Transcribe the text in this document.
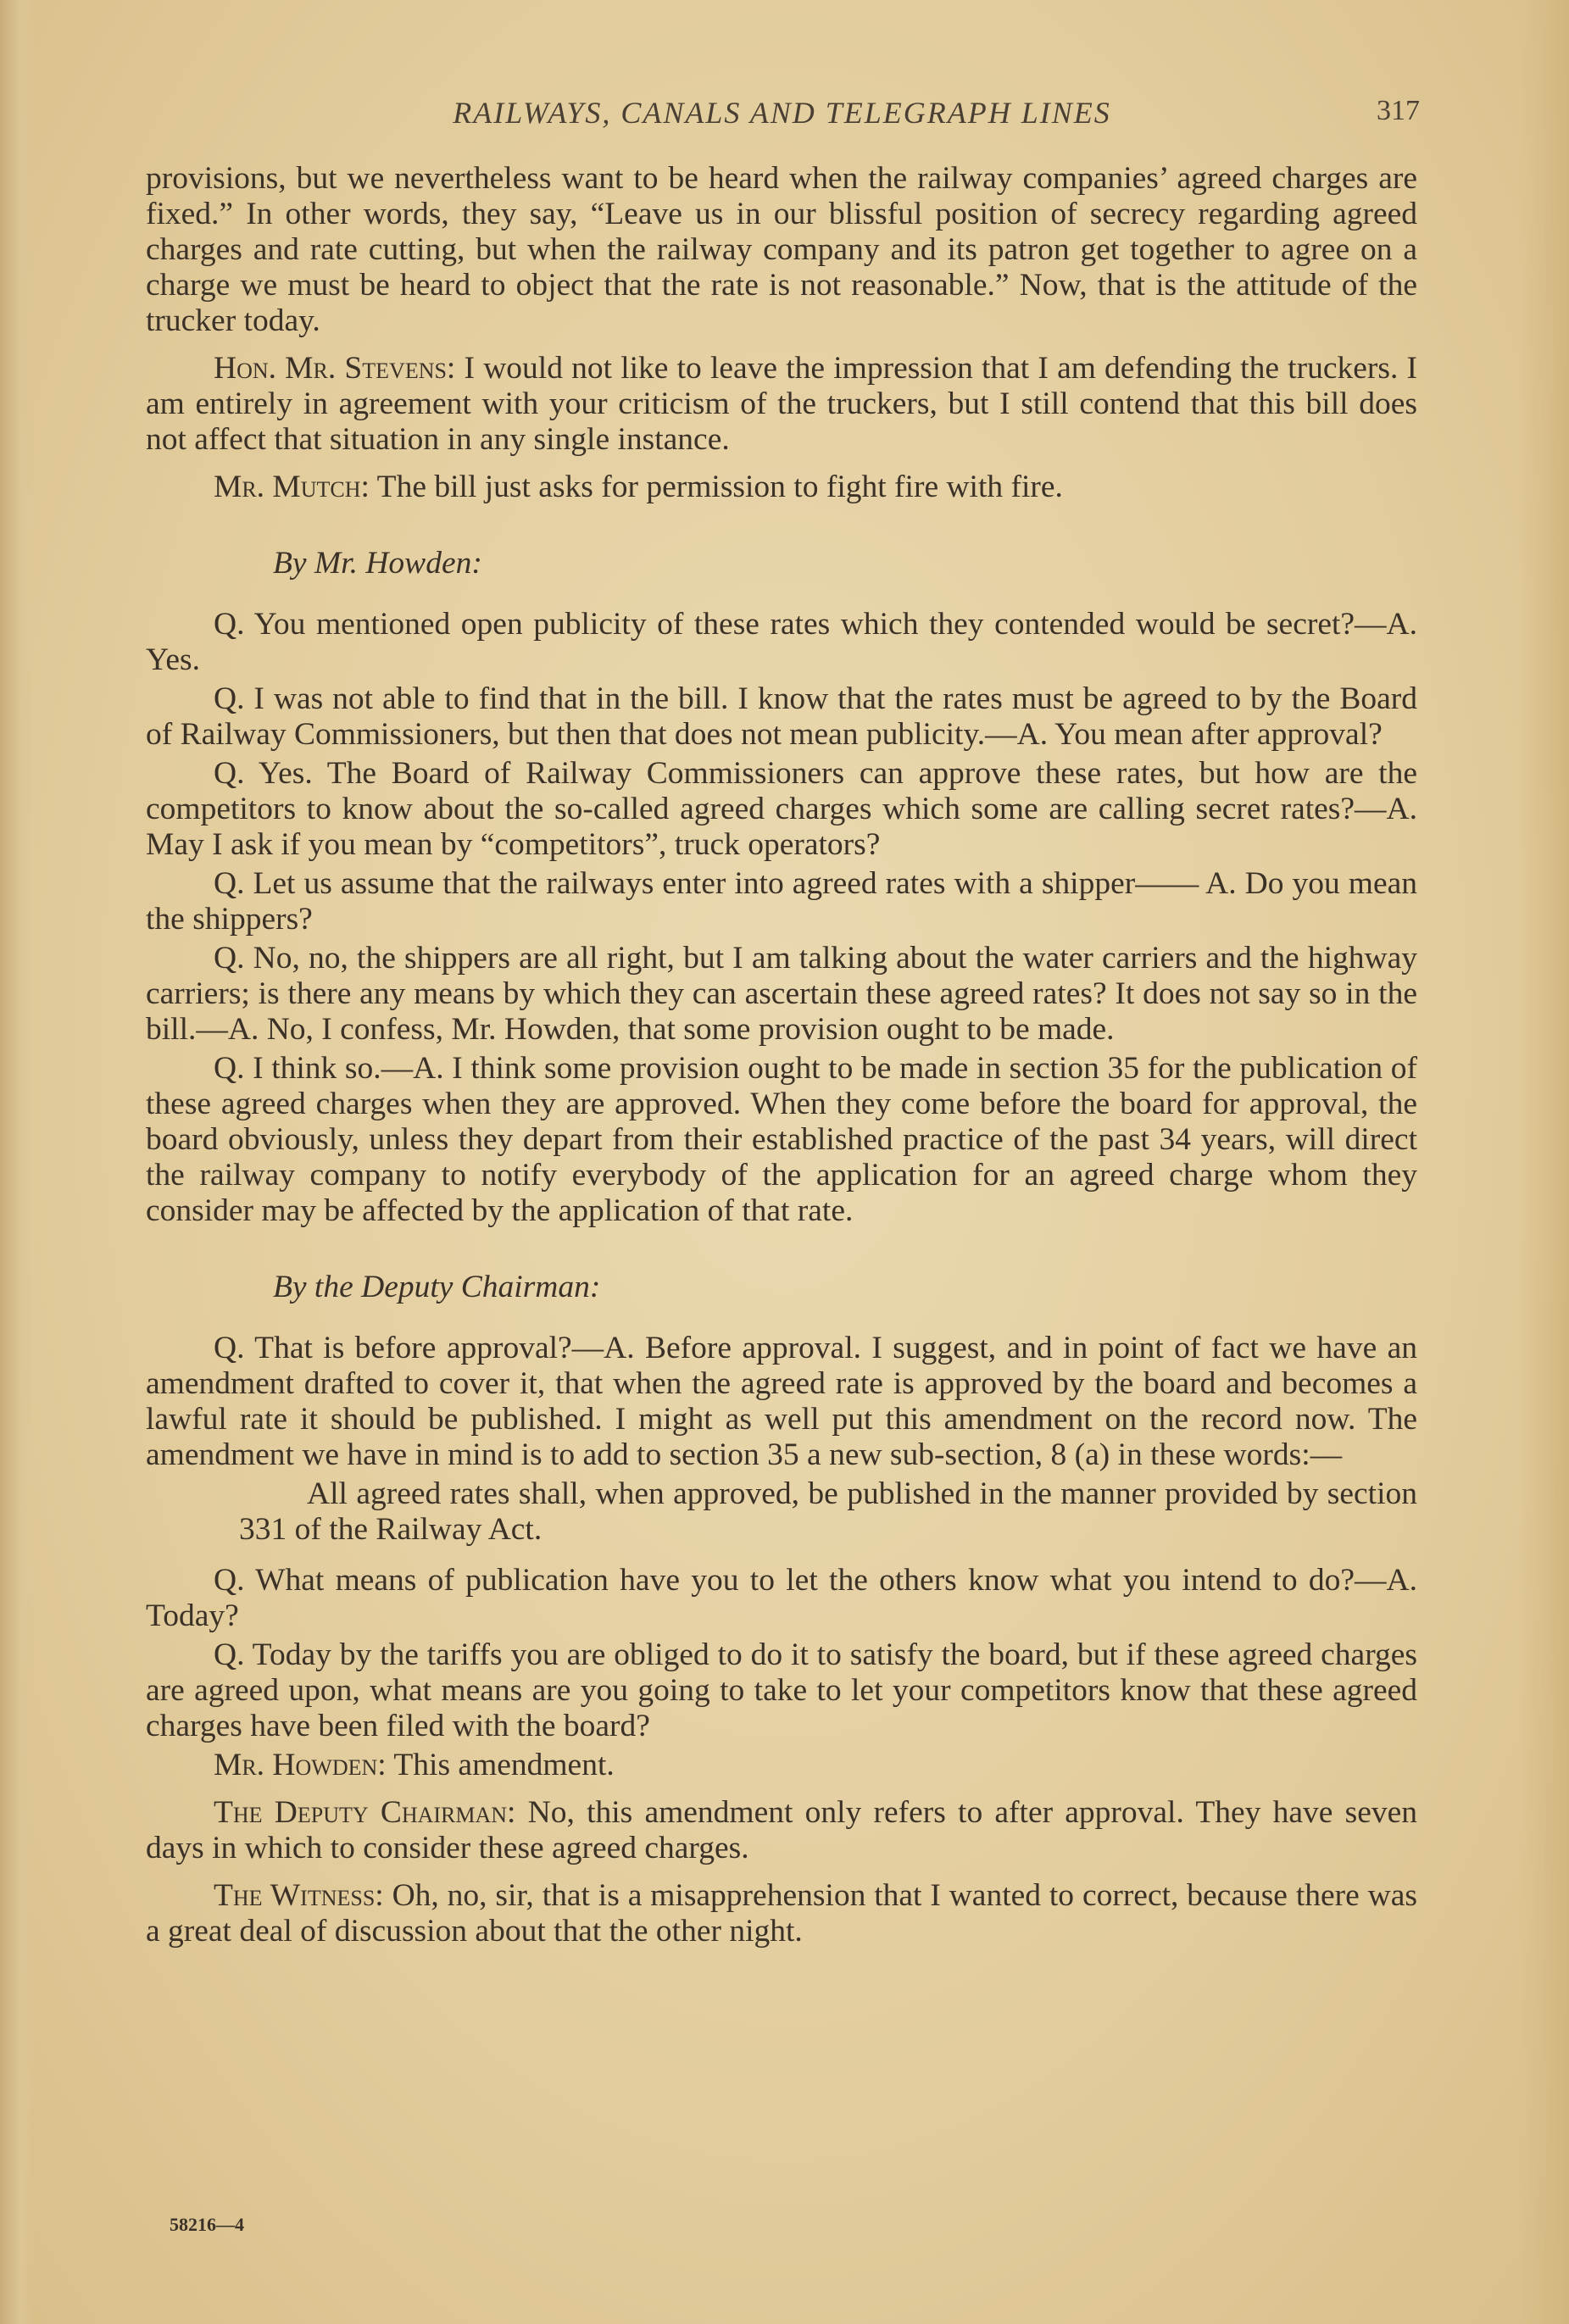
RAILWAYS, CANALS AND TELEGRAPH LINES	317

provisions, but we nevertheless want to be heard when the railway companies’ agreed charges are fixed.” In other words, they say, “Leave us in our blissful position of secrecy regarding agreed charges and rate cutting, but when the railway company and its patron get together to agree on a charge we must be heard to object that the rate is not reasonable.” Now, that is the attitude of the trucker today.

Hon. Mr. Stevens: I would not like to leave the impression that I am defending the truckers. I am entirely in agreement with your criticism of the truckers, but I still contend that this bill does not affect that situation in any single instance.

Mr. Mutch: The bill just asks for permission to fight fire with fire.

By Mr. Howden:

Q. You mentioned open publicity of these rates which they contended would be secret?—A. Yes.

Q. I was not able to find that in the bill. I know that the rates must be agreed to by the Board of Railway Commissioners, but then that does not mean publicity.—A. You mean after approval?

Q. Yes. The Board of Railway Commissioners can approve these rates, but how are the competitors to know about the so-called agreed charges which some are calling secret rates?—A. May I ask if you mean by “competitors”, truck operators?

Q. Let us assume that the railways enter into agreed rates with a shipper—— A. Do you mean the shippers?

Q. No, no, the shippers are all right, but I am talking about the water carriers and the highway carriers; is there any means by which they can ascertain these agreed rates? It does not say so in the bill.—A. No, I confess, Mr. Howden, that some provision ought to be made.

Q. I think so.—A. I think some provision ought to be made in section 35 for the publication of these agreed charges when they are approved. When they come before the board for approval, the board obviously, unless they depart from their established practice of the past 34 years, will direct the railway company to notify everybody of the application for an agreed charge whom they consider may be affected by the application of that rate.

By the Deputy Chairman:

Q. That is before approval?—A. Before approval. I suggest, and in point of fact we have an amendment drafted to cover it, that when the agreed rate is approved by the board and becomes a lawful rate it should be published. I might as well put this amendment on the record now. The amendment we have in mind is to add to section 35 a new sub-section, 8 (a) in these words:—

All agreed rates shall, when approved, be published in the manner provided by section 331 of the Railway Act.

Q. What means of publication have you to let the others know what you intend to do?—A. Today?

Q. Today by the tariffs you are obliged to do it to satisfy the board, but if these agreed charges are agreed upon, what means are you going to take to let your competitors know that these agreed charges have been filed with the board?

Mr. Howden: This amendment.

The Deputy Chairman: No, this amendment only refers to after approval. They have seven days in which to consider these agreed charges.

The Witness: Oh, no, sir, that is a misapprehension that I wanted to correct, because there was a great deal of discussion about that the other night.

58216—4
